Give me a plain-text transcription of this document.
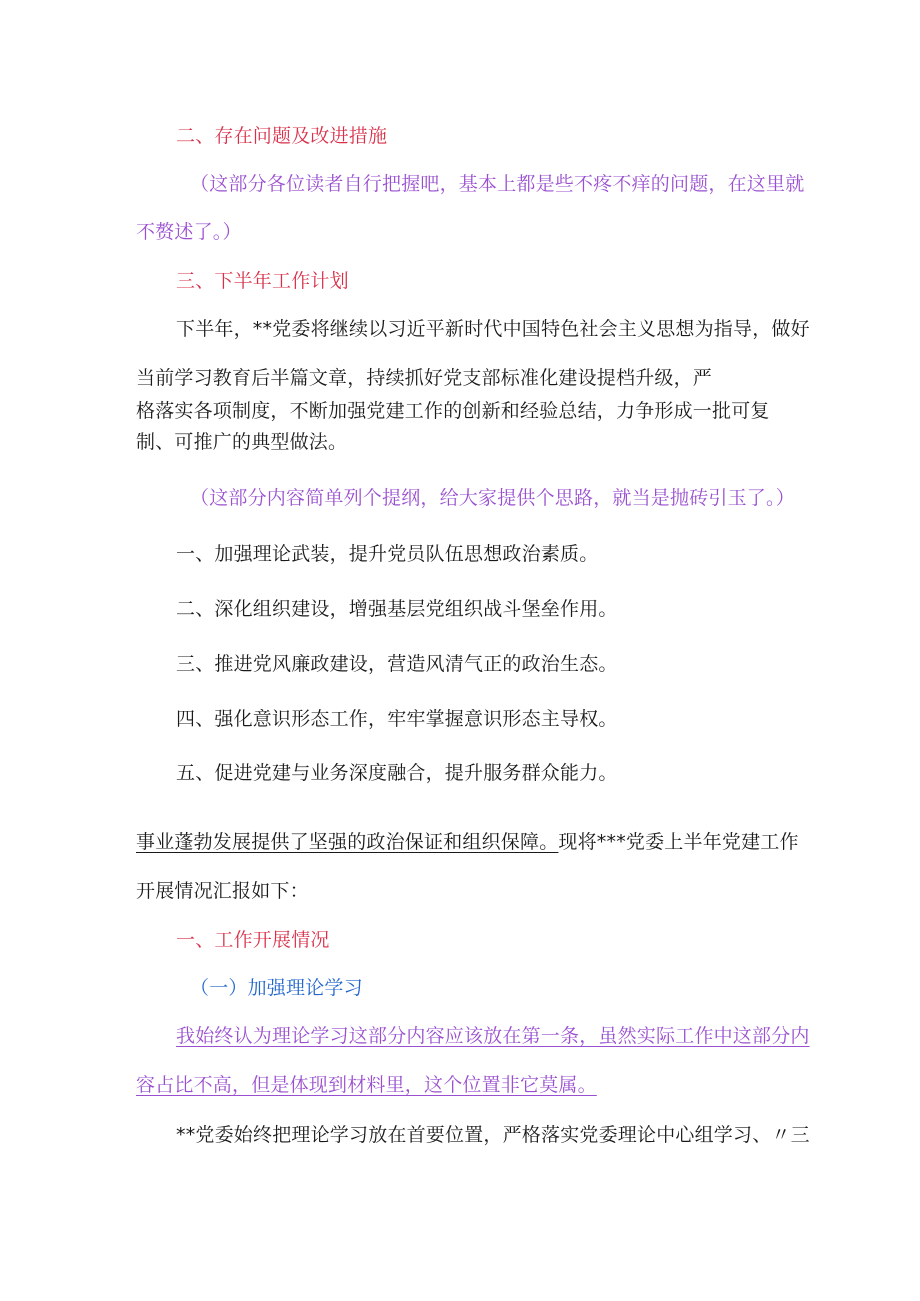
二、存在问题及改进措施
（这部分各位读者自行把握吧，基本上都是些不疼不痒的问题，在这里就
不赘述了。）
三、下半年工作计划
下半年，**党委将继续以习近平新时代中国特色社会主义思想为指导，做好
当前学习教育后半篇文章，持续抓好党支部标准化建设提档升级，严
格落实各项制度，不断加强党建工作的创新和经验总结，力争形成一批可复
制、可推广的典型做法。
（这部分内容简单列个提纲，给大家提供个思路，就当是抛砖引玉了。）
一、加强理论武装，提升党员队伍思想政治素质。
二、深化组织建设，增强基层党组织战斗堡垒作用。
三、推进党风廉政建设，营造风清气正的政治生态。
四、强化意识形态工作，牢牢掌握意识形态主导权。
五、促进党建与业务深度融合，提升服务群众能力。
事业蓬勃发展提供了坚强的政治保证和组织保障。现将***党委上半年党建工作
开展情况汇报如下：
一、工作开展情况
（一）加强理论学习
我始终认为理论学习这部分内容应该放在第一条，虽然实际工作中这部分内
容占比不高，但是体现到材料里，这个位置非它莫属。
**党委始终把理论学习放在首要位置，严格落实党委理论中心组学习、〃三
